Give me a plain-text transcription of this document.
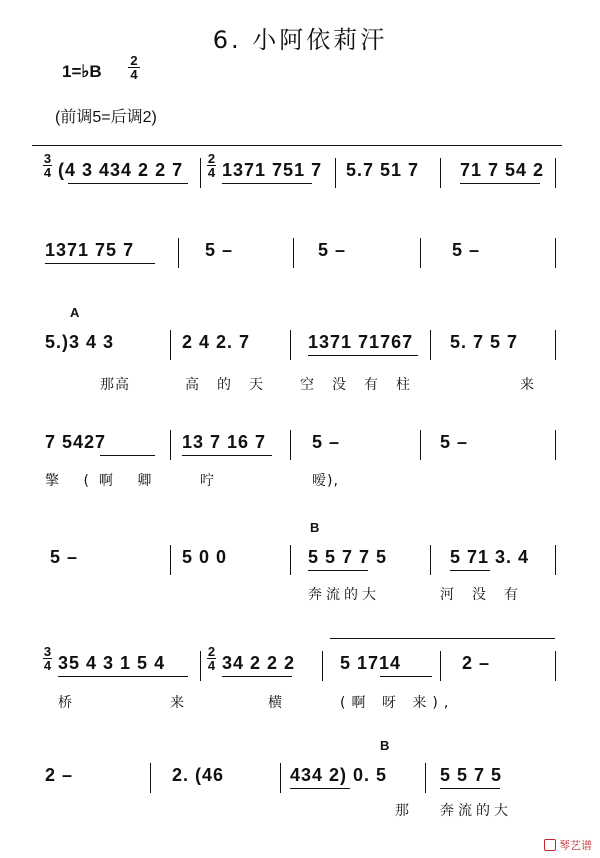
6. 小阿依莉汗
1=♭B
2
4
(前调5=后调2)
3
4 (4 3 434 2 2 7
2
4 1371 751 7 5.7 51 7 71 7 54 2
1371 75 7	5 –	5 –	5 –
A
5.)3 4 3	2 4 2. 7	1371 71767 5. 7 5 7
那高	高的天 空没有柱	来
7 5427	13 7 16 7	5 –	5 –
擎 (啊 卿	咛	嗳),
B
5 –	5 0 0	5 5 7 7 5	5 71 3. 4
奔流的大	河没有
3
4 35 4 3 1 5 4
2
4 34 2 2 2 5 1714	2 –
桥	来	横	(啊 呀 来),
B
2 –	2. (46	434 2) 0. 5	5 5 7 5
那 奔流的大
琴艺谱
